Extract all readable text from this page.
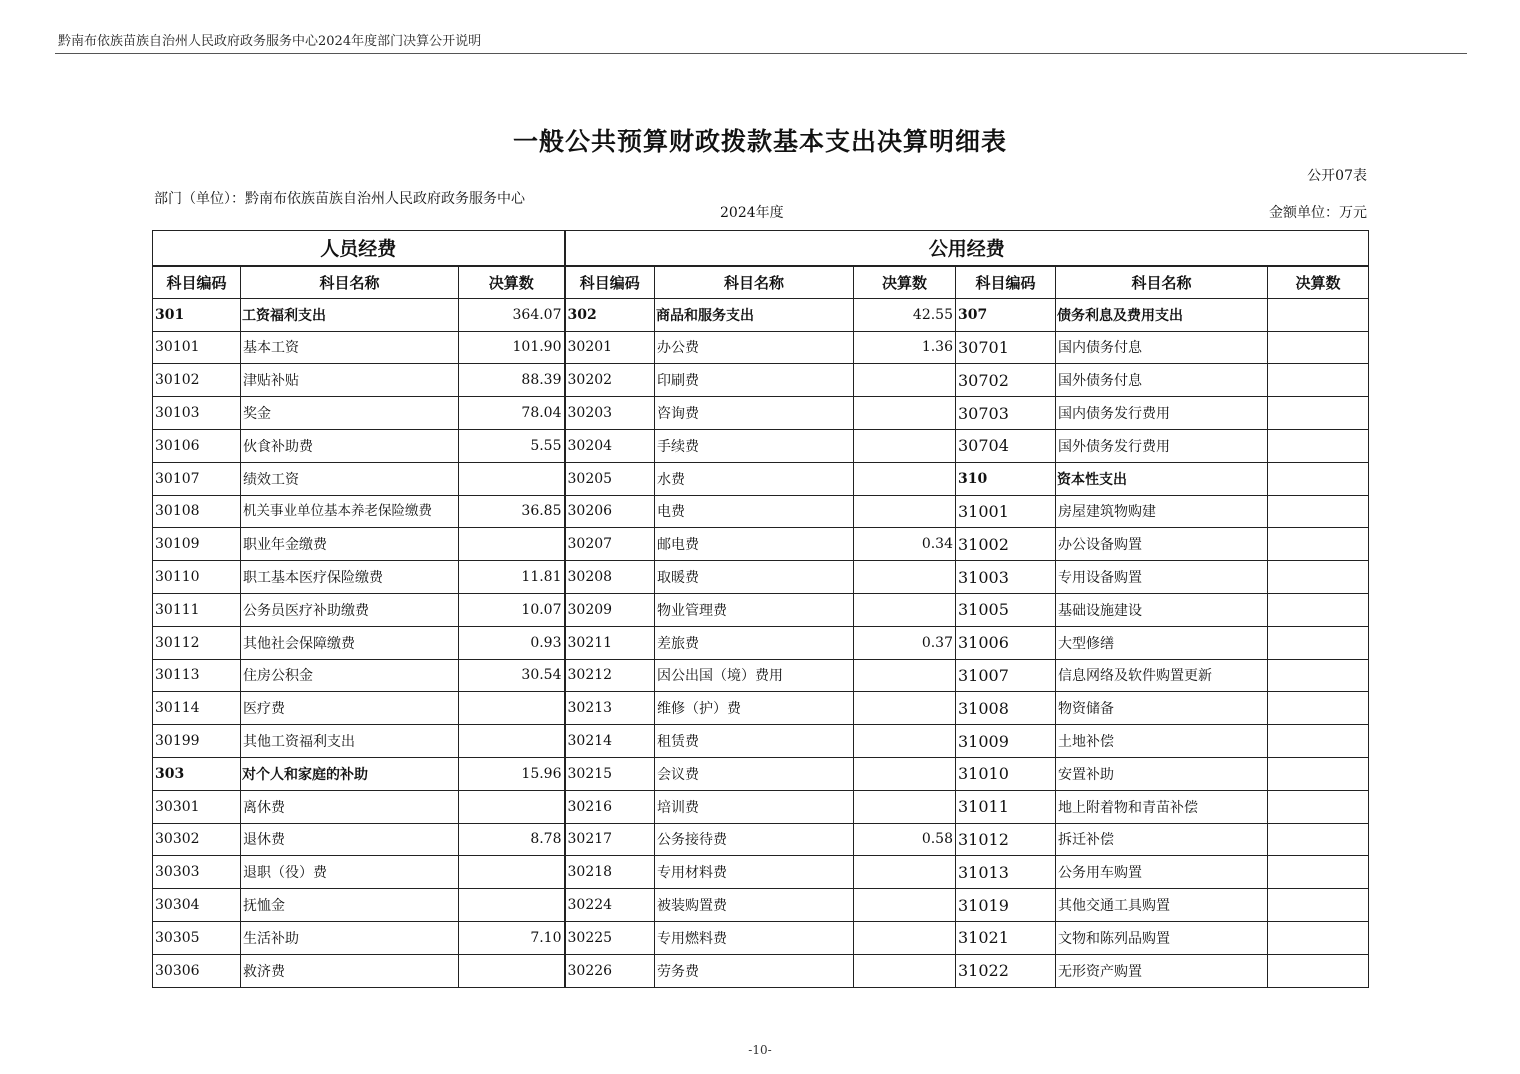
黔南布依族苗族自治州人民政府政务服务中心2024年度部门决算公开说明
一般公共预算财政拨款基本支出决算明细表
公开07表
部门（单位）：黔南布依族苗族自治州人民政府政务服务中心
2024年度	金额单位：万元
人员经费			公用经费					
科目编码	科目名称	决算数	科目编码	科目名称	决算数	科目编码	科目名称	决算数
301	工资福利支出	364.07	302	商品和服务支出	42.55	307	债务利息及费用支出	
30101	基本工资	101.90	30201	办公费	1.36	30701	国内债务付息	
30102	津贴补贴	88.39	30202	印刷费		30702	国外债务付息	
30103	奖金	78.04	30203	咨询费		30703	国内债务发行费用	
30106	伙食补助费	5.55	30204	手续费		30704	国外债务发行费用	
30107	绩效工资		30205	水费		310	资本性支出	
30108	机关事业单位基本养老保险缴费	36.85	30206	电费		31001	房屋建筑物购建	
30109	职业年金缴费		30207	邮电费	0.34	31002	办公设备购置	
30110	职工基本医疗保险缴费	11.81	30208	取暖费		31003	专用设备购置	
30111	公务员医疗补助缴费	10.07	30209	物业管理费		31005	基础设施建设	
30112	其他社会保障缴费	0.93	30211	差旅费	0.37	31006	大型修缮	
30113	住房公积金	30.54	30212	因公出国（境）费用		31007	信息网络及软件购置更新	
30114	医疗费		30213	维修（护）费		31008	物资储备	
30199	其他工资福利支出		30214	租赁费		31009	土地补偿	
303	对个人和家庭的补助	15.96	30215	会议费		31010	安置补助	
30301	离休费		30216	培训费		31011	地上附着物和青苗补偿	
30302	退休费	8.78	30217	公务接待费	0.58	31012	拆迁补偿	
30303	退职（役）费		30218	专用材料费		31013	公务用车购置	
30304	抚恤金		30224	被装购置费		31019	其他交通工具购置	
30305	生活补助	7.10	30225	专用燃料费		31021	文物和陈列品购置	
30306	救济费		30226	劳务费		31022	无形资产购置	
-10-
